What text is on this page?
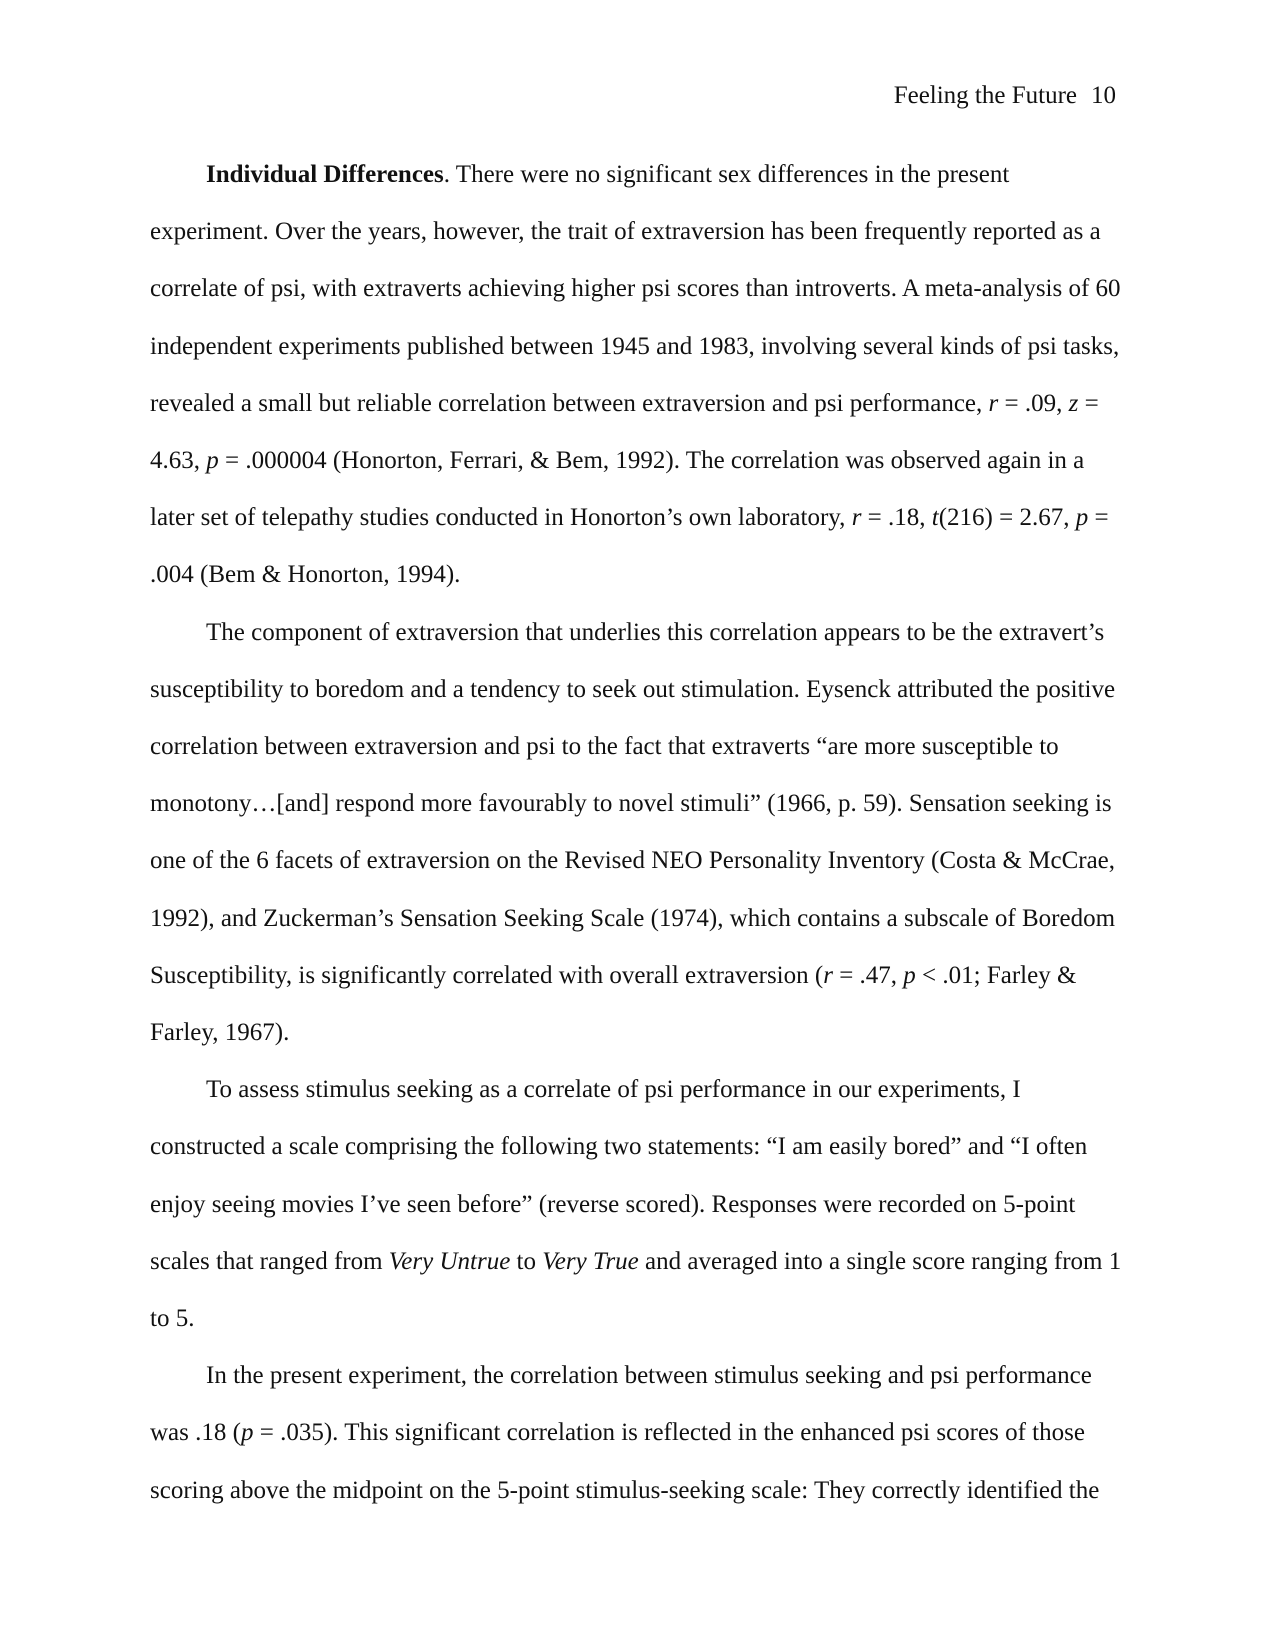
Feeling the Future 10

Individual Differences. There were no significant sex differences in the present experiment. Over the years, however, the trait of extraversion has been frequently reported as a correlate of psi, with extraverts achieving higher psi scores than introverts. A meta-analysis of 60 independent experiments published between 1945 and 1983, involving several kinds of psi tasks, revealed a small but reliable correlation between extraversion and psi performance, r = .09, z = 4.63, p = .000004 (Honorton, Ferrari, & Bem, 1992). The correlation was observed again in a later set of telepathy studies conducted in Honorton’s own laboratory, r = .18, t(216) = 2.67, p = .004 (Bem & Honorton, 1994).

The component of extraversion that underlies this correlation appears to be the extravert’s susceptibility to boredom and a tendency to seek out stimulation. Eysenck attributed the positive correlation between extraversion and psi to the fact that extraverts “are more susceptible to monotony…[and] respond more favourably to novel stimuli” (1966, p. 59). Sensation seeking is one of the 6 facets of extraversion on the Revised NEO Personality Inventory (Costa & McCrae, 1992), and Zuckerman’s Sensation Seeking Scale (1974), which contains a subscale of Boredom Susceptibility, is significantly correlated with overall extraversion (r = .47, p < .01; Farley & Farley, 1967).

To assess stimulus seeking as a correlate of psi performance in our experiments, I constructed a scale comprising the following two statements: “I am easily bored” and “I often enjoy seeing movies I’ve seen before” (reverse scored). Responses were recorded on 5-point scales that ranged from Very Untrue to Very True and averaged into a single score ranging from 1 to 5.

In the present experiment, the correlation between stimulus seeking and psi performance was .18 (p = .035). This significant correlation is reflected in the enhanced psi scores of those scoring above the midpoint on the 5-point stimulus-seeking scale: They correctly identified the
